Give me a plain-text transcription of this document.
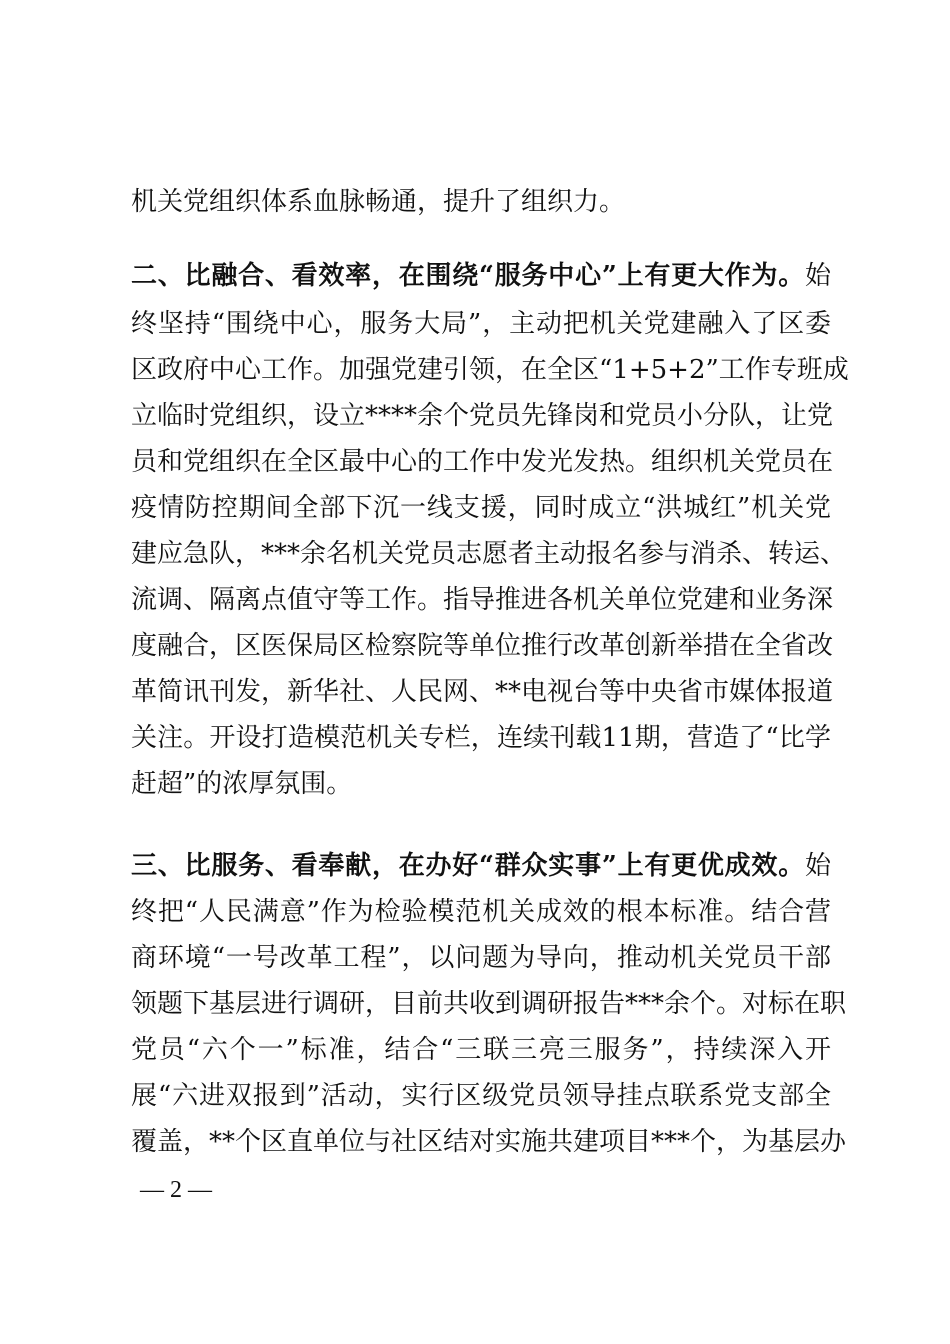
机关党组织体系血脉畅通，提升了组织力。
二、比融合、看效率，在围绕“服务中心”上有更大作为。始
终坚持“围绕中心，服务大局”，主动把机关党建融入了区委
区政府中心工作。加强党建引领，在全区“1+5+2”工作专班成
立临时党组织，设立****余个党员先锋岗和党员小分队，让党
员和党组织在全区最中心的工作中发光发热。组织机关党员在
疫情防控期间全部下沉一线支援，同时成立“洪城红”机关党
建应急队，***余名机关党员志愿者主动报名参与消杀、转运、
流调、隔离点值守等工作。指导推进各机关单位党建和业务深
度融合，区医保局区检察院等单位推行改革创新举措在全省改
革简讯刊发，新华社、人民网、**电视台等中央省市媒体报道
关注。开设打造模范机关专栏，连续刊载11期，营造了“比学
赶超”的浓厚氛围。
三、比服务、看奉献，在办好“群众实事”上有更优成效。始
终把“人民满意”作为检验模范机关成效的根本标准。结合营
商环境“一号改革工程”，以问题为导向，推动机关党员干部
领题下基层进行调研，目前共收到调研报告***余个。对标在职
党员“六个一”标准，结合“三联三亮三服务”，持续深入开
展“六进双报到”活动，实行区级党员领导挂点联系党支部全
覆盖，**个区直单位与社区结对实施共建项目***个，为基层办
— 2 —
